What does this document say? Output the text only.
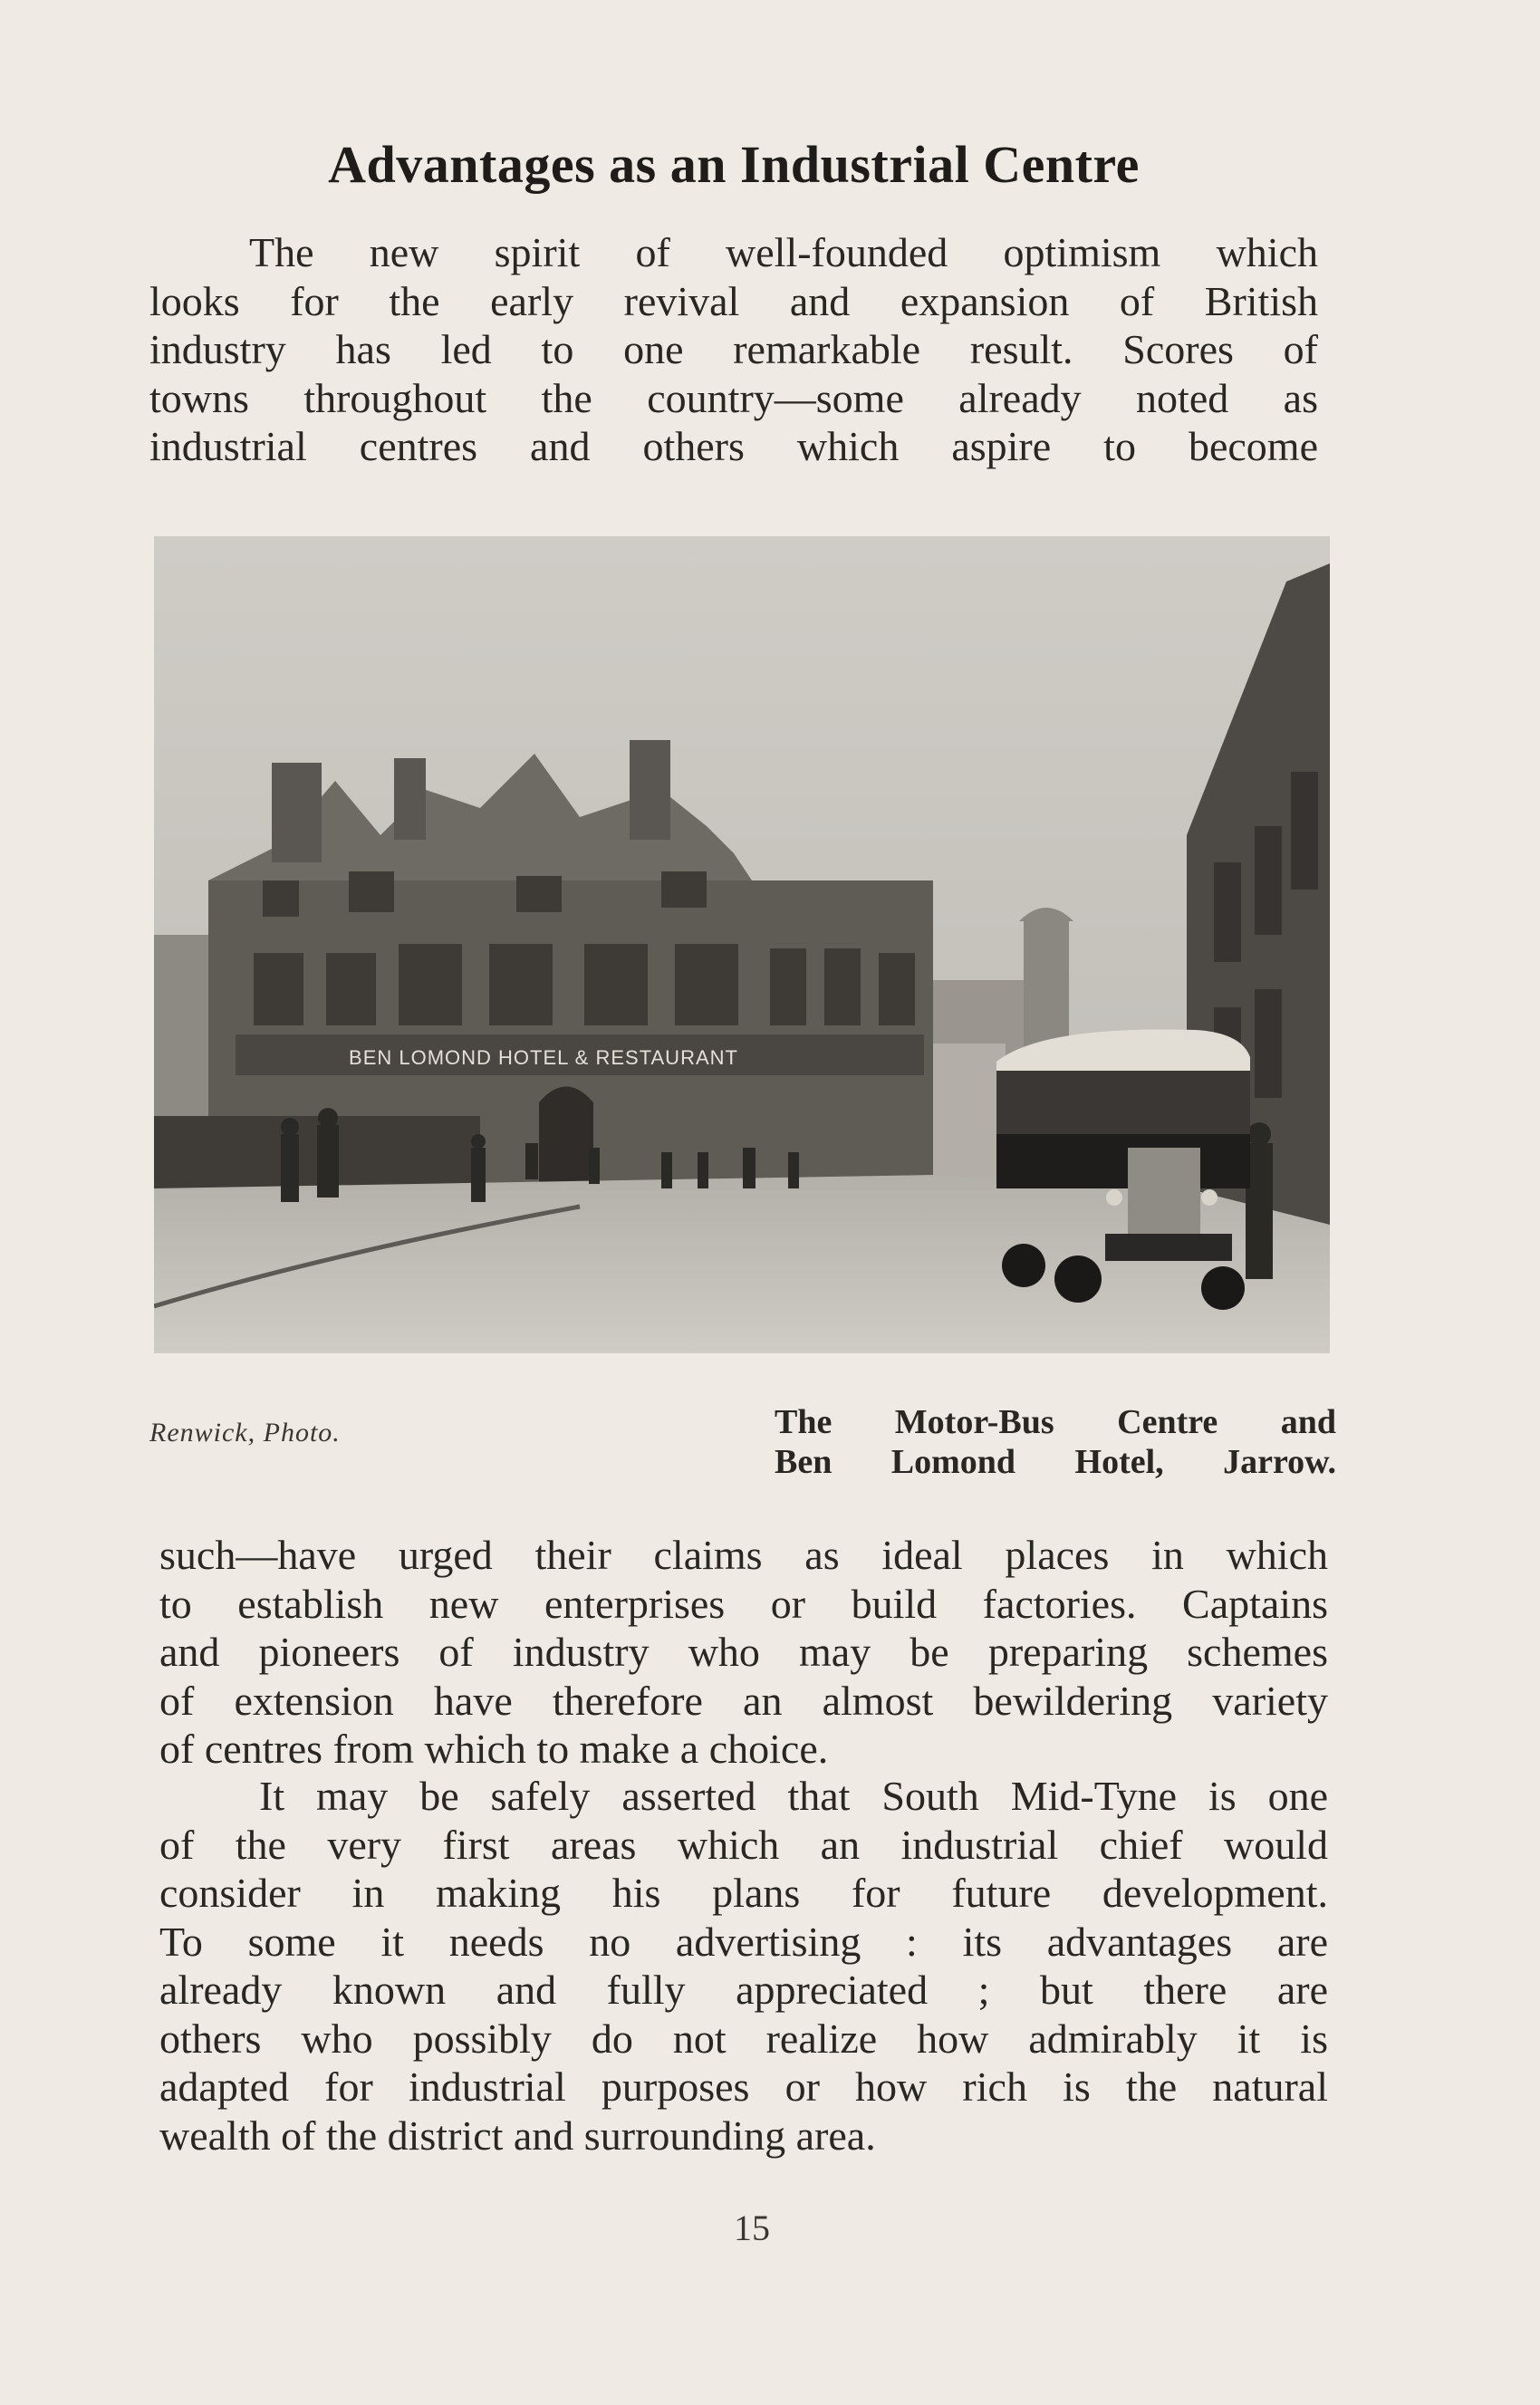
Advantages as an Industrial Centre
The new spirit of well-founded optimism which
looks for the early revival and expansion of British
industry has led to one remarkable result. Scores of
towns throughout the country—some already noted as
industrial centres and others which aspire to become
BEN LOMOND HOTEL & RESTAURANT
Renwick, Photo.	The Motor-Bus Centre and
Ben Lomond Hotel, Jarrow.
such—have urged their claims as ideal places in which
to establish new enterprises or build factories. Captains
and pioneers of industry who may be preparing schemes
of extension have therefore an almost bewildering variety
of centres from which to make a choice.
It may be safely asserted that South Mid-Tyne is one
of the very first areas which an industrial chief would
consider in making his plans for future development.
To some it needs no advertising : its advantages are
already known and fully appreciated ; but there are
others who possibly do not realize how admirably it is
adapted for industrial purposes or how rich is the natural
wealth of the district and surrounding area.
15
